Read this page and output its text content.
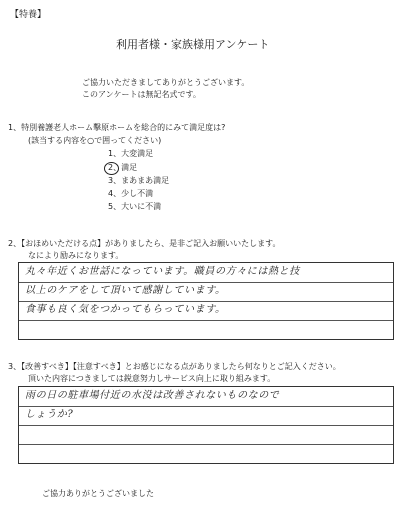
【特養】
利用者様・家族様用アンケート
ご協力いただきましてありがとうございます。
このアンケートは無記名式です。
1、特別養護老人ホーム擊原ホームを総合的にみて満足度は?
(該当する内容を○で囲ってください)
1、大変満足
2、満足
3、まあまあ満足
4、少し不満
5、大いに不満
2、【おほめいただける点】がありましたら、是非ご記入お願いいたします。
なにより励みになります。
丸々年近くお世話になっています。職員の方々には熱と技
以上のケアをして頂いて感謝しています。
食事も良く気をつかってもらっています。
3、【改善すべき】【注意すべき】とお感じになる点がありましたら何なりとご記入ください。
頂いた内容につきましては鋭意努力しサービス向上に取り組みます。
雨の日の駐車場付近の水没は改善されないものなので
しょうか?
ご協力ありがとうございました
